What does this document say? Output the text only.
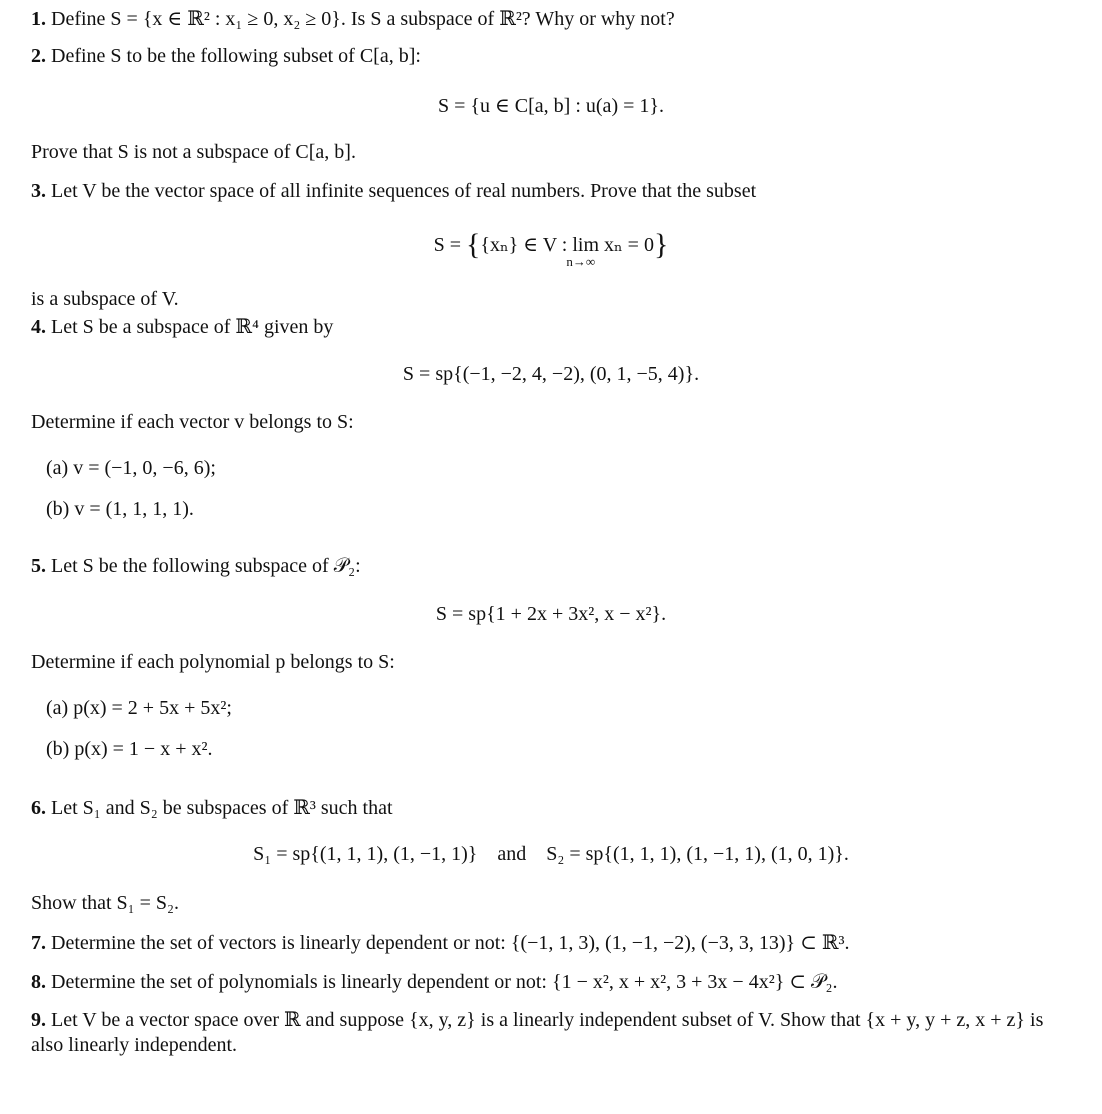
1. Define S = {x ∈ ℝ² : x₁ ≥ 0, x₂ ≥ 0}. Is S a subspace of ℝ²? Why or why not?
2. Define S to be the following subset of C[a, b]:
S = {u ∈ C[a, b] : u(a) = 1}.
Prove that S is not a subspace of C[a, b].
3. Let V be the vector space of all infinite sequences of real numbers. Prove that the subset
S = {{xₙ} ∈ V : lim
n→∞
xₙ = 0}
is a subspace of V.
4. Let S be a subspace of ℝ⁴ given by
S = sp{(−1, −2, 4, −2), (0, 1, −5, 4)}.
Determine if each vector v belongs to S:
(a) v = (−1, 0, −6, 6);
(b) v = (1, 1, 1, 1).
5. Let S be the following subspace of 𝒫₂:
S = sp{1 + 2x + 3x², x − x²}.
Determine if each polynomial p belongs to S:
(a) p(x) = 2 + 5x + 5x²;
(b) p(x) = 1 − x + x².
6. Let S₁ and S₂ be subspaces of ℝ³ such that
S₁ = sp{(1, 1, 1), (1, −1, 1)}    and    S₂ = sp{(1, 1, 1), (1, −1, 1), (1, 0, 1)}.
Show that S₁ = S₂.
7. Determine the set of vectors is linearly dependent or not: {(−1, 1, 3), (1, −1, −2), (−3, 3, 13)} ⊂ ℝ³.
8. Determine the set of polynomials is linearly dependent or not: {1 − x², x + x², 3 + 3x − 4x²} ⊂ 𝒫₂.
9. Let V be a vector space over ℝ and suppose {x, y, z} is a linearly independent subset of V. Show that {x + y, y + z, x + z} is also linearly independent.
